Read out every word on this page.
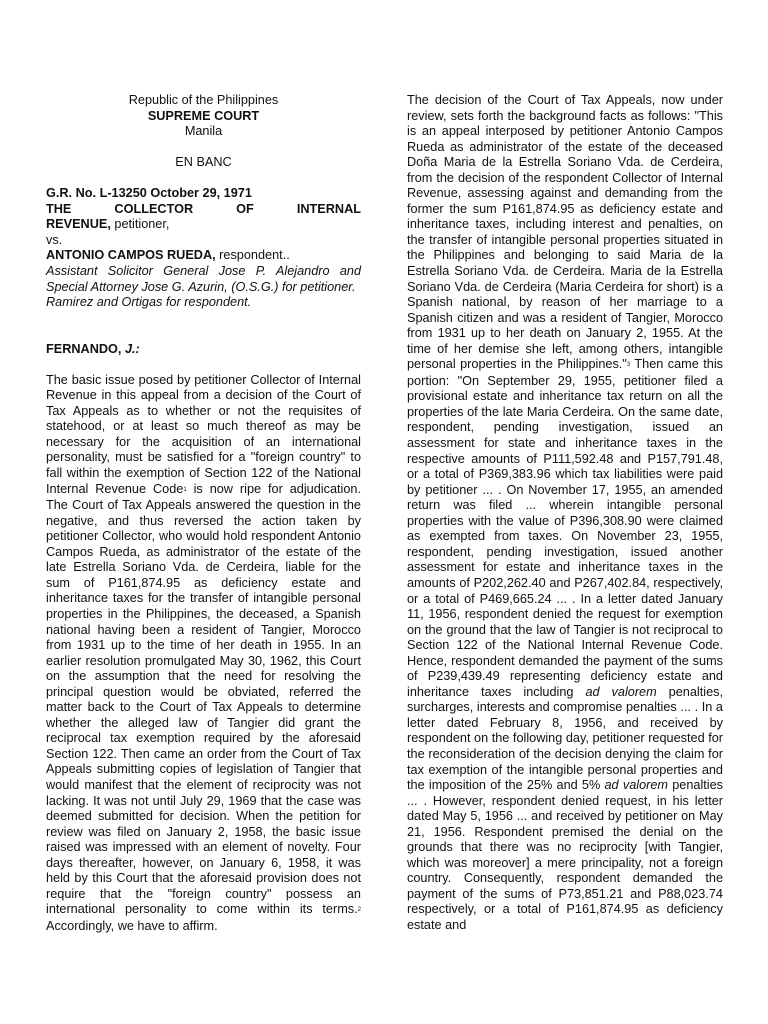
Republic of the Philippines
SUPREME COURT
Manila
EN BANC
G.R. No. L-13250 October 29, 1971
THE COLLECTOR OF INTERNAL
REVENUE, petitioner,
vs.
ANTONIO CAMPOS RUEDA, respondent..

Assistant Solicitor General Jose P. Alejandro and Special Attorney Jose G. Azurin, (O.S.G.) for petitioner.

Ramirez and Ortigas for respondent.

FERNANDO, J.:

The basic issue posed by petitioner Collector of Internal Revenue in this appeal from a decision of the Court of Tax Appeals as to whether or not the requisites of statehood, or at least so much thereof as may be necessary for the acquisition of an international personality, must be satisfied for a "foreign country" to fall within the exemption of Section 122 of the National Internal Revenue Code$^1$ is now ripe for adjudication. The Court of Tax Appeals answered the question in the negative, and thus reversed the action taken by petitioner Collector, who would hold respondent Antonio Campos Rueda, as administrator of the estate of the late Estrella Soriano Vda. de Cerdeira, liable for the sum of P161,874.95 as deficiency estate and inheritance taxes for the transfer of intangible personal properties in the Philippines, the deceased, a Spanish national having been a resident of Tangier, Morocco from 1931 up to the time of her death in 1955. In an earlier resolution promulgated May 30, 1962, this Court on the assumption that the need for resolving the principal question would be obviated, referred the matter back to the Court of Tax Appeals to determine whether the alleged law of Tangier did grant the reciprocal tax exemption required by the aforesaid Section 122. Then came an order from the Court of Tax Appeals submitting copies of legislation of Tangier that would manifest that the element of reciprocity was not lacking. It was not until July 29, 1969 that the case was deemed submitted for decision. When the petition for review was filed on January 2, 1958, the basic issue raised was impressed with an element of novelty. Four days thereafter, however, on January 6, 1958, it was held by this Court that the aforesaid provision does not require that the "foreign country" possess an international personality to come within its terms.$^2$ Accordingly, we have to affirm.

The decision of the Court of Tax Appeals, now under review, sets forth the background facts as follows: "This is an appeal interposed by petitioner Antonio Campos Rueda as administrator of the estate of the deceased Doña Maria de la Estrella Soriano Vda. de Cerdeira, from the decision of the respondent Collector of Internal Revenue, assessing against and demanding from the former the sum P161,874.95 as deficiency estate and inheritance taxes, including interest and penalties, on the transfer of intangible personal properties situated in the Philippines and belonging to said Maria de la Estrella Soriano Vda. de Cerdeira. Maria de la Estrella Soriano Vda. de Cerdeira (Maria Cerdeira for short) is a Spanish national, by reason of her marriage to a Spanish citizen and was a resident of Tangier, Morocco from 1931 up to her death on January 2, 1955. At the time of her demise she left, among others, intangible personal properties in the Philippines."$^3$ Then came this portion: "On September 29, 1955, petitioner filed a provisional estate and inheritance tax return on all the properties of the late Maria Cerdeira. On the same date, respondent, pending investigation, issued an assessment for state and inheritance taxes in the respective amounts of P111,592.48 and P157,791.48, or a total of P369,383.96 which tax liabilities were paid by petitioner ... . On November 17, 1955, an amended return was filed ... wherein intangible personal properties with the value of P396,308.90 were claimed as exempted from taxes. On November 23, 1955, respondent, pending investigation, issued another assessment for estate and inheritance taxes in the amounts of P202,262.40 and P267,402.84, respectively, or a total of P469,665.24 ... . In a letter dated January 11, 1956, respondent denied the request for exemption on the ground that the law of Tangier is not reciprocal to Section 122 of the National Internal Revenue Code. Hence, respondent demanded the payment of the sums of P239,439.49 representing deficiency estate and inheritance taxes including ad valorem penalties, surcharges, interests and compromise penalties ... . In a letter dated February 8, 1956, and received by respondent on the following day, petitioner requested for the reconsideration of the decision denying the claim for tax exemption of the intangible personal properties and the imposition of the 25% and 5% ad valorem penalties ... . However, respondent denied request, in his letter dated May 5, 1956 ... and received by petitioner on May 21, 1956. Respondent premised the denial on the grounds that there was no reciprocity [with Tangier, which was moreover] a mere principality, not a foreign country. Consequently, respondent demanded the payment of the sums of P73,851.21 and P88,023.74 respectively, or a total of P161,874.95 as deficiency estate and
